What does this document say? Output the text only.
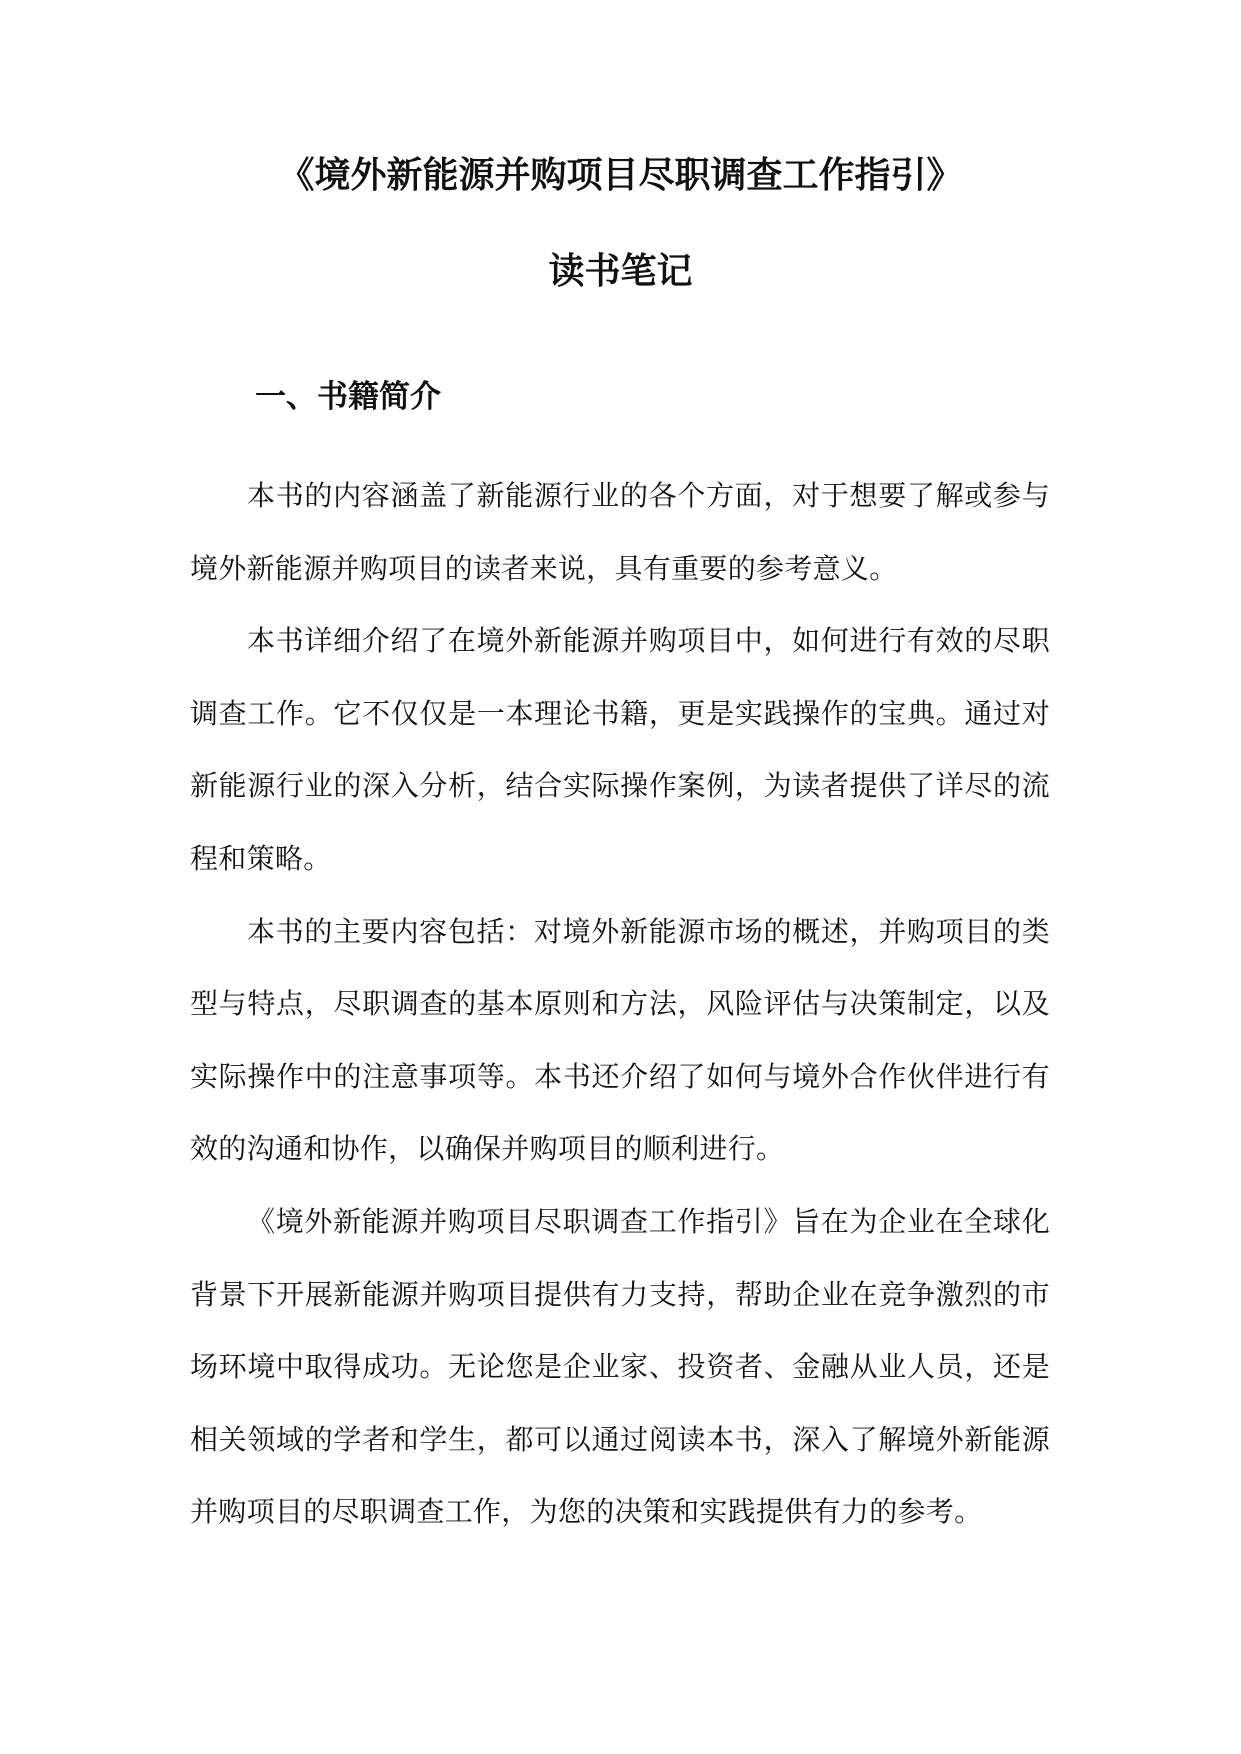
《境外新能源并购项目尽职调查工作指引》
读书笔记
一、书籍简介

本书的内容涵盖了新能源行业的各个方面，对于想要了解或参与境外新能源并购项目的读者来说，具有重要的参考意义。

本书详细介绍了在境外新能源并购项目中，如何进行有效的尽职调查工作。它不仅仅是一本理论书籍，更是实践操作的宝典。通过对新能源行业的深入分析，结合实际操作案例，为读者提供了详尽的流程和策略。

本书的主要内容包括：对境外新能源市场的概述，并购项目的类型与特点，尽职调查的基本原则和方法，风险评估与决策制定，以及实际操作中的注意事项等。本书还介绍了如何与境外合作伙伴进行有效的沟通和协作，以确保并购项目的顺利进行。

《境外新能源并购项目尽职调查工作指引》旨在为企业在全球化背景下开展新能源并购项目提供有力支持，帮助企业在竞争激烈的市场环境中取得成功。无论您是企业家、投资者、金融从业人员，还是相关领域的学者和学生，都可以通过阅读本书，深入了解境外新能源并购项目的尽职调查工作，为您的决策和实践提供有力的参考。
